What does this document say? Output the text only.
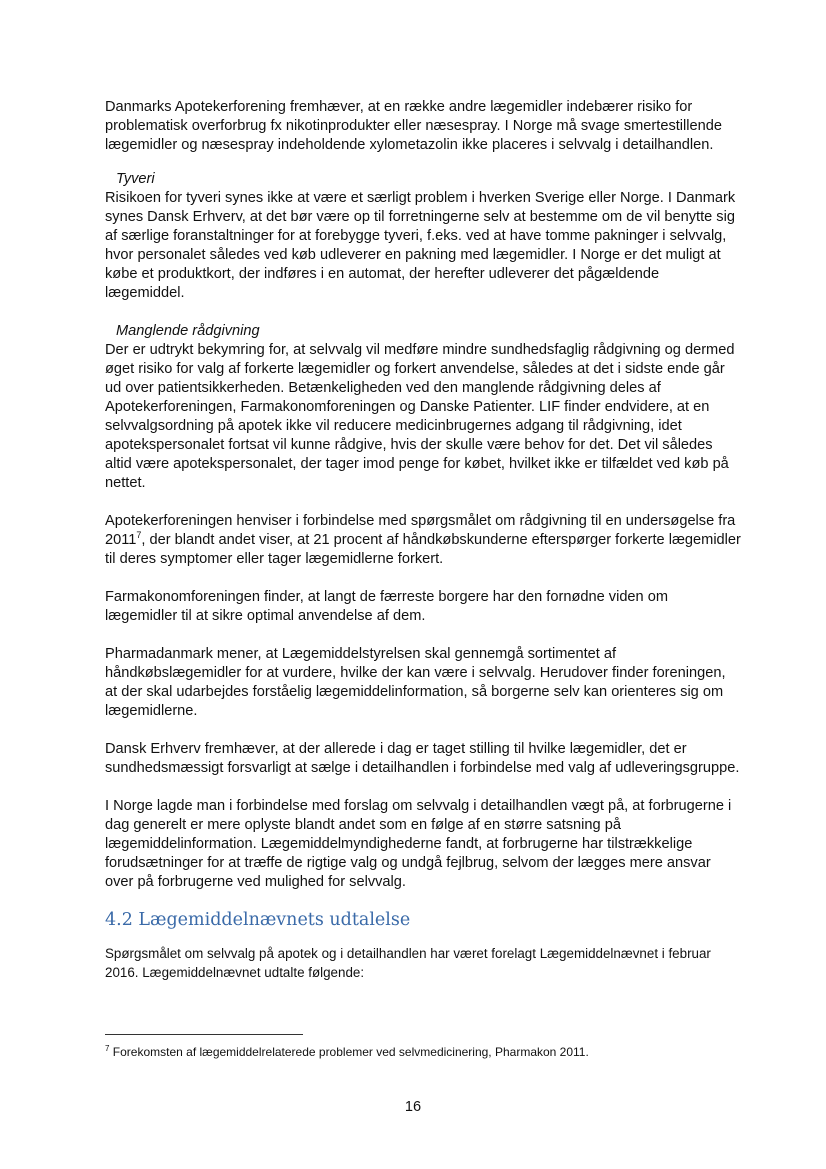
Danmarks Apotekerforening fremhæver, at en række andre lægemidler indebærer risiko for problematisk overforbrug fx nikotinprodukter eller næsespray. I Norge må svage smertestillende lægemidler og næsespray indeholdende xylometazolin ikke placeres i selvvalg i detailhandlen.

Tyveri

Risikoen for tyveri synes ikke at være et særligt problem i hverken Sverige eller Norge. I Danmark synes Dansk Erhverv, at det bør være op til forretningerne selv at bestemme om de vil benytte sig af særlige foranstaltninger for at forebygge tyveri, f.eks. ved at have tomme pakninger i selvvalg, hvor personalet således ved køb udleverer en pakning med lægemidler. I Norge er det muligt at købe et produktkort, der indføres i en automat, der herefter udleverer det pågældende lægemiddel.

Manglende rådgivning

Der er udtrykt bekymring for, at selvvalg vil medføre mindre sundhedsfaglig rådgivning og dermed øget risiko for valg af forkerte lægemidler og forkert anvendelse, således at det i sidste ende går ud over patientsikkerheden. Betænkeligheden ved den manglende rådgivning deles af Apotekerforeningen, Farmakonomforeningen og Danske Patienter. LIF finder endvidere, at en selvvalgsordning på apotek ikke vil reducere medicinbrugernes adgang til rådgivning, idet apotekspersonalet fortsat vil kunne rådgive, hvis der skulle være behov for det. Det vil således altid være apotekspersonalet, der tager imod penge for købet, hvilket ikke er tilfældet ved køb på nettet.

Apotekerforeningen henviser i forbindelse med spørgsmålet om rådgivning til en undersøgelse fra 2011$^7$, der blandt andet viser, at 21 procent af håndkøbskunderne efterspørger forkerte lægemidler til deres symptomer eller tager lægemidlerne forkert.

Farmakonomforeningen finder, at langt de færreste borgere har den fornødne viden om lægemidler til at sikre optimal anvendelse af dem.

Pharmadanmark mener, at Lægemiddelstyrelsen skal gennemgå sortimentet af håndkøbslægemidler for at vurdere, hvilke der kan være i selvvalg. Herudover finder foreningen, at der skal udarbejdes forståelig lægemiddelinformation, så borgerne selv kan orienteres sig om lægemidlerne.

Dansk Erhverv fremhæver, at der allerede i dag er taget stilling til hvilke lægemidler, det er sundhedsmæssigt forsvarligt at sælge i detailhandlen i forbindelse med valg af udleveringsgruppe.

I Norge lagde man i forbindelse med forslag om selvvalg i detailhandlen vægt på, at forbrugerne i dag generelt er mere oplyste blandt andet som en følge af en større satsning på lægemiddelinformation. Lægemiddelmyndighederne fandt, at forbrugerne har tilstrækkelige forudsætninger for at træffe de rigtige valg og undgå fejlbrug, selvom der lægges mere ansvar over på forbrugerne ved mulighed for selvvalg.

4.2 Lægemiddelnævnets udtalelse

Spørgsmålet om selvvalg på apotek og i detailhandlen har været forelagt Lægemiddelnævnet i februar 2016. Lægemiddelnævnet udtalte følgende:

$^7$ Forekomsten af lægemiddelrelaterede problemer ved selvmedicinering, Pharmakon 2011.
16
